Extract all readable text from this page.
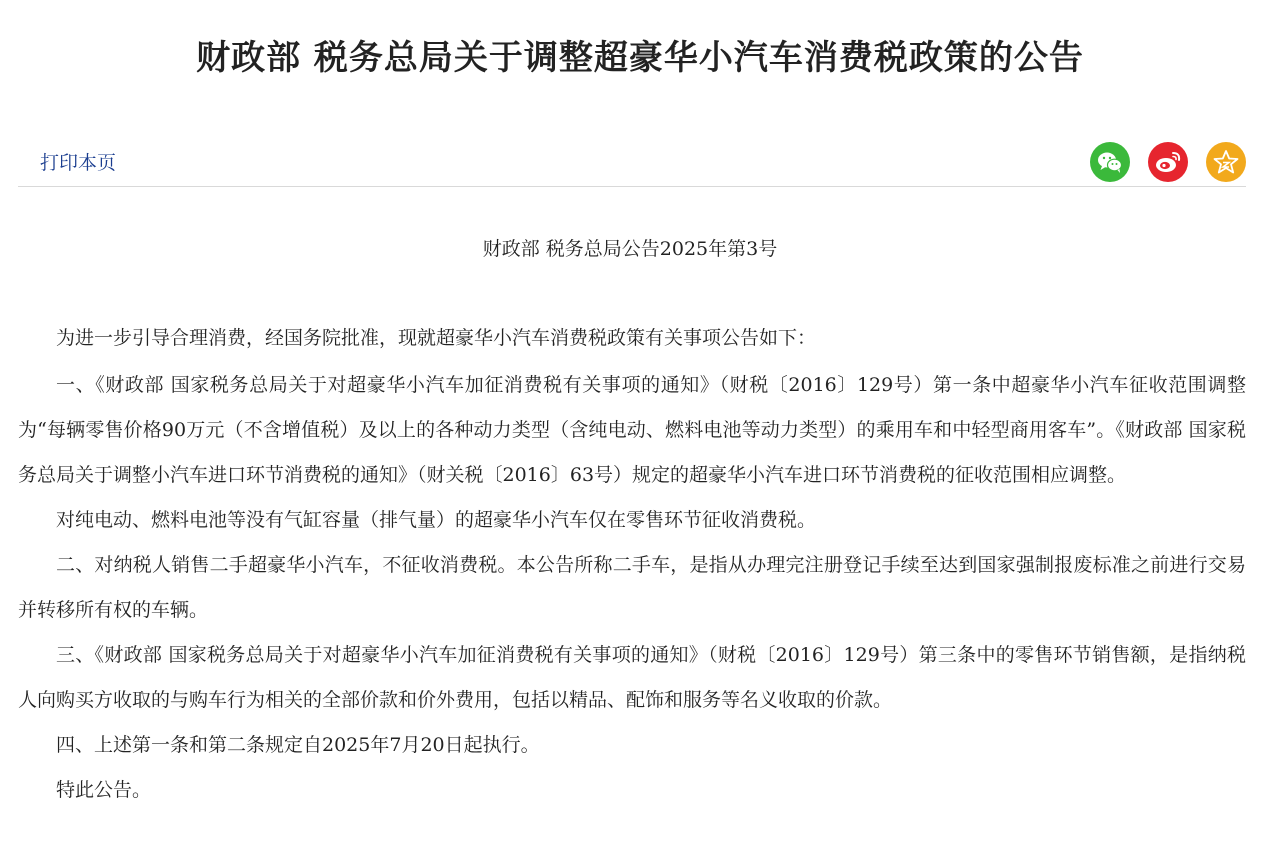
财政部 税务总局关于调整超豪华小汽车消费税政策的公告
打印本页
财政部 税务总局公告2025年第3号

为进一步引导合理消费，经国务院批准，现就超豪华小汽车消费税政策有关事项公告如下：

一、《财政部 国家税务总局关于对超豪华小汽车加征消费税有关事项的通知》（财税〔2016〕129号）第一条中超豪华小汽车征收范围调整为“每辆零售价格90万元（不含增值税）及以上的各种动力类型（含纯电动、燃料电池等动力类型）的乘用车和中轻型商用客车”。《财政部 国家税务总局关于调整小汽车进口环节消费税的通知》（财关税〔2016〕63号）规定的超豪华小汽车进口环节消费税的征收范围相应调整。

对纯电动、燃料电池等没有气缸容量（排气量）的超豪华小汽车仅在零售环节征收消费税。

二、对纳税人销售二手超豪华小汽车，不征收消费税。本公告所称二手车，是指从办理完注册登记手续至达到国家强制报废标准之前进行交易并转移所有权的车辆。

三、《财政部 国家税务总局关于对超豪华小汽车加征消费税有关事项的通知》（财税〔2016〕129号）第三条中的零售环节销售额，是指纳税人向购买方收取的与购车行为相关的全部价款和价外费用，包括以精品、配饰和服务等名义收取的价款。

四、上述第一条和第二条规定自2025年7月20日起执行。

特此公告。
